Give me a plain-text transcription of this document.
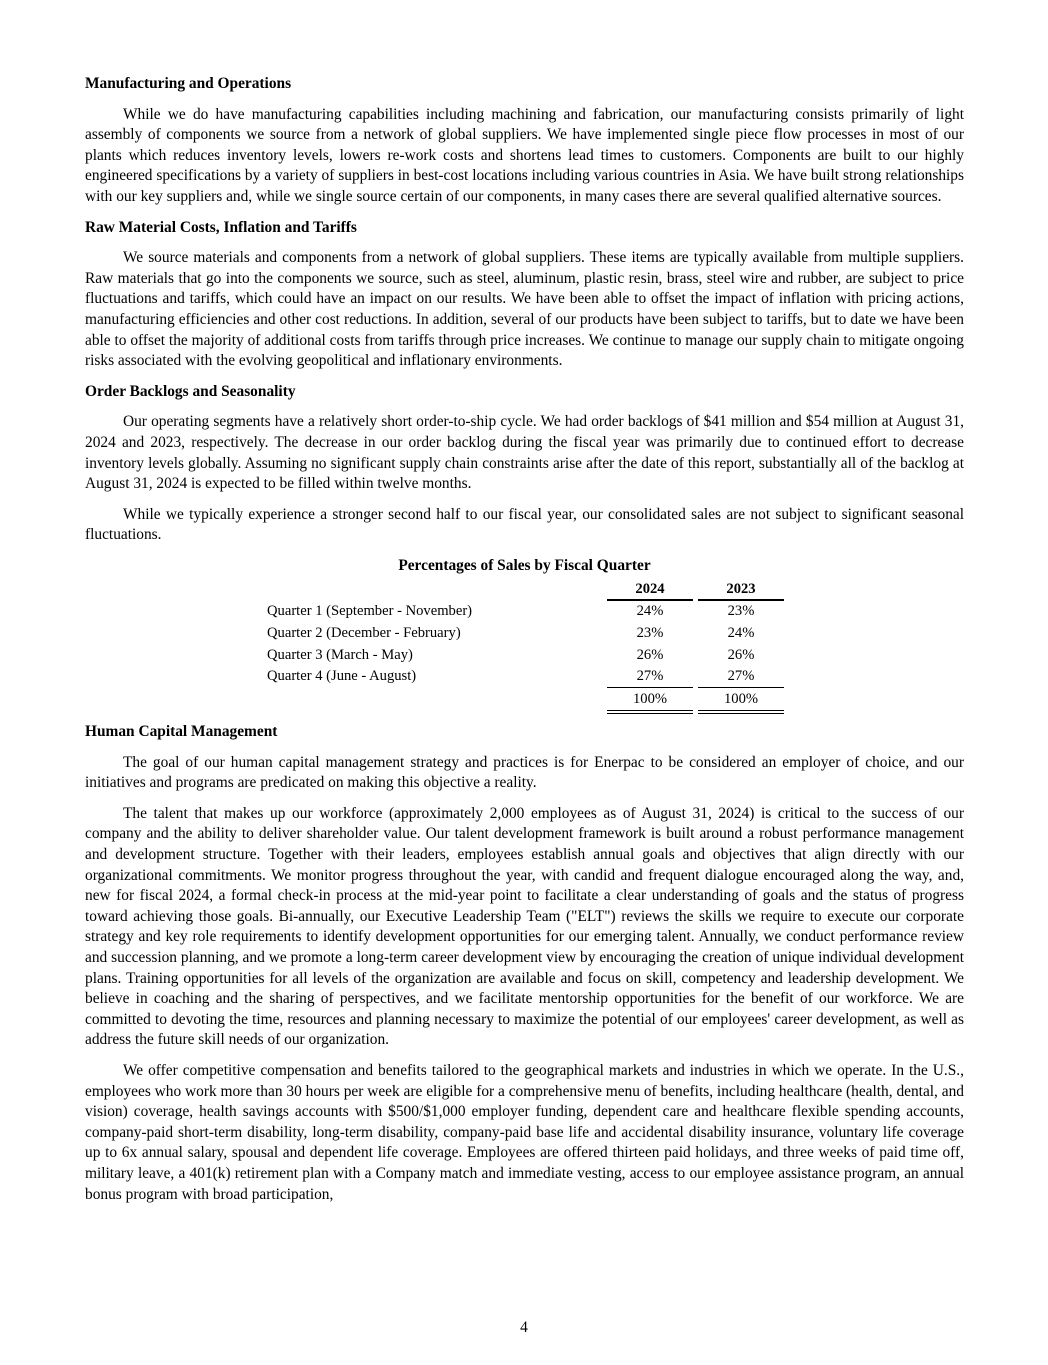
Manufacturing and Operations

While we do have manufacturing capabilities including machining and fabrication, our manufacturing consists primarily of light assembly of components we source from a network of global suppliers. We have implemented single piece flow processes in most of our plants which reduces inventory levels, lowers re-work costs and shortens lead times to customers. Components are built to our highly engineered specifications by a variety of suppliers in best-cost locations including various countries in Asia. We have built strong relationships with our key suppliers and, while we single source certain of our components, in many cases there are several qualified alternative sources.

Raw Material Costs, Inflation and Tariffs

We source materials and components from a network of global suppliers. These items are typically available from multiple suppliers. Raw materials that go into the components we source, such as steel, aluminum, plastic resin, brass, steel wire and rubber, are subject to price fluctuations and tariffs, which could have an impact on our results. We have been able to offset the impact of inflation with pricing actions, manufacturing efficiencies and other cost reductions. In addition, several of our products have been subject to tariffs, but to date we have been able to offset the majority of additional costs from tariffs through price increases. We continue to manage our supply chain to mitigate ongoing risks associated with the evolving geopolitical and inflationary environments.

Order Backlogs and Seasonality

Our operating segments have a relatively short order-to-ship cycle. We had order backlogs of $41 million and $54 million at August 31, 2024 and 2023, respectively. The decrease in our order backlog during the fiscal year was primarily due to continued effort to decrease inventory levels globally. Assuming no significant supply chain constraints arise after the date of this report, substantially all of the backlog at August 31, 2024 is expected to be filled within twelve months.

While we typically experience a stronger second half to our fiscal year, our consolidated sales are not subject to significant seasonal fluctuations.

Percentages of Sales by Fiscal Quarter
	2024		2023
Quarter 1 (September - November)	24%		23%
Quarter 2 (December - February)	23%		24%
Quarter 3 (March - May)	26%		26%
Quarter 4 (June - August)	27%		27%
	100%		100%
Human Capital Management

The goal of our human capital management strategy and practices is for Enerpac to be considered an employer of choice, and our initiatives and programs are predicated on making this objective a reality.

The talent that makes up our workforce (approximately 2,000 employees as of August 31, 2024) is critical to the success of our company and the ability to deliver shareholder value. Our talent development framework is built around a robust performance management and development structure. Together with their leaders, employees establish annual goals and objectives that align directly with our organizational commitments. We monitor progress throughout the year, with candid and frequent dialogue encouraged along the way, and, new for fiscal 2024, a formal check-in process at the mid-year point to facilitate a clear understanding of goals and the status of progress toward achieving those goals. Bi-annually, our Executive Leadership Team ("ELT") reviews the skills we require to execute our corporate strategy and key role requirements to identify development opportunities for our emerging talent. Annually, we conduct performance review and succession planning, and we promote a long-term career development view by encouraging the creation of unique individual development plans. Training opportunities for all levels of the organization are available and focus on skill, competency and leadership development. We believe in coaching and the sharing of perspectives, and we facilitate mentorship opportunities for the benefit of our workforce. We are committed to devoting the time, resources and planning necessary to maximize the potential of our employees' career development, as well as address the future skill needs of our organization.

We offer competitive compensation and benefits tailored to the geographical markets and industries in which we operate. In the U.S., employees who work more than 30 hours per week are eligible for a comprehensive menu of benefits, including healthcare (health, dental, and vision) coverage, health savings accounts with $500/$1,000 employer funding, dependent care and healthcare flexible spending accounts, company-paid short-term disability, long-term disability, company-paid base life and accidental disability insurance, voluntary life coverage up to 6x annual salary, spousal and dependent life coverage. Employees are offered thirteen paid holidays, and three weeks of paid time off, military leave, a 401(k) retirement plan with a Company match and immediate vesting, access to our employee assistance program, an annual bonus program with broad participation,

4
